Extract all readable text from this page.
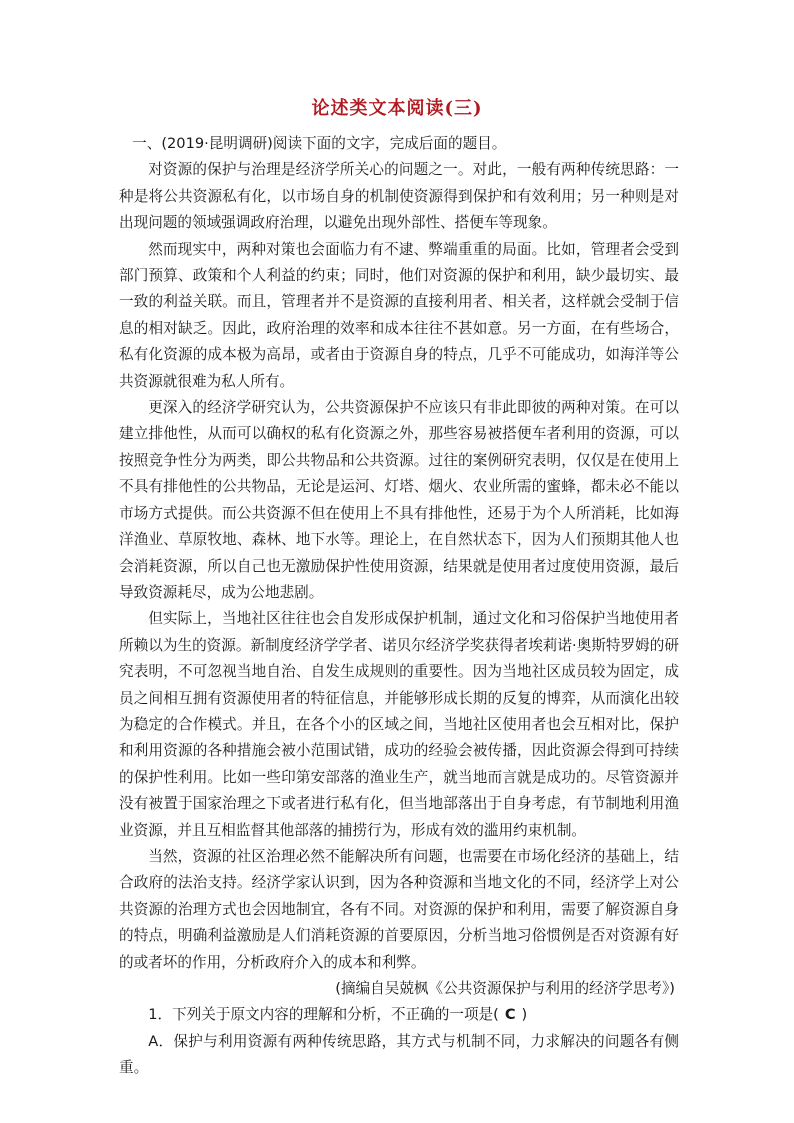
论述类文本阅读(三)

一、(2019·昆明调研)阅读下面的文字，完成后面的题目。

对资源的保护与治理是经济学所关心的问题之一。对此，一般有两种传统思路：一种是将公共资源私有化，以市场自身的机制使资源得到保护和有效利用；另一种则是对出现问题的领域强调政府治理，以避免出现外部性、搭便车等现象。

然而现实中，两种对策也会面临力有不逮、弊端重重的局面。比如，管理者会受到部门预算、政策和个人利益的约束；同时，他们对资源的保护和利用，缺少最切实、最一致的利益关联。而且，管理者并不是资源的直接利用者、相关者，这样就会受制于信息的相对缺乏。因此，政府治理的效率和成本往往不甚如意。另一方面，在有些场合，私有化资源的成本极为高昂，或者由于资源自身的特点，几乎不可能成功，如海洋等公共资源就很难为私人所有。

更深入的经济学研究认为，公共资源保护不应该只有非此即彼的两种对策。在可以建立排他性，从而可以确权的私有化资源之外，那些容易被搭便车者利用的资源，可以按照竞争性分为两类，即公共物品和公共资源。过往的案例研究表明，仅仅是在使用上不具有排他性的公共物品，无论是运河、灯塔、烟火、农业所需的蜜蜂，都未必不能以市场方式提供。而公共资源不但在使用上不具有排他性，还易于为个人所消耗，比如海洋渔业、草原牧地、森林、地下水等。理论上，在自然状态下，因为人们预期其他人也会消耗资源，所以自己也无激励保护性使用资源，结果就是使用者过度使用资源，最后导致资源耗尽，成为公地悲剧。

但实际上，当地社区往往也会自发形成保护机制，通过文化和习俗保护当地使用者所赖以为生的资源。新制度经济学学者、诺贝尔经济学奖获得者埃莉诺·奥斯特罗姆的研究表明，不可忽视当地自治、自发生成规则的重要性。因为当地社区成员较为固定，成员之间相互拥有资源使用者的特征信息，并能够形成长期的反复的博弈，从而演化出较为稳定的合作模式。并且，在各个小的区域之间，当地社区使用者也会互相对比，保护和利用资源的各种措施会被小范围试错，成功的经验会被传播，因此资源会得到可持续的保护性利用。比如一些印第安部落的渔业生产，就当地而言就是成功的。尽管资源并没有被置于国家治理之下或者进行私有化，但当地部落出于自身考虑，有节制地利用渔业资源，并且互相监督其他部落的捕捞行为，形成有效的滥用约束机制。

当然，资源的社区治理必然不能解决所有问题，也需要在市场化经济的基础上，结合政府的法治支持。经济学家认识到，因为各种资源和当地文化的不同，经济学上对公共资源的治理方式也会因地制宜，各有不同。对资源的保护和利用，需要了解资源自身的特点，明确利益激励是人们消耗资源的首要原因，分析当地习俗惯例是否对资源有好的或者坏的作用，分析政府介入的成本和利弊。

(摘编自吴兢枫《公共资源保护与利用的经济学思考》)

1．下列关于原文内容的理解和分析，不正确的一项是( C )

A．保护与利用资源有两种传统思路，其方式与机制不同，力求解决的问题各有侧重。
